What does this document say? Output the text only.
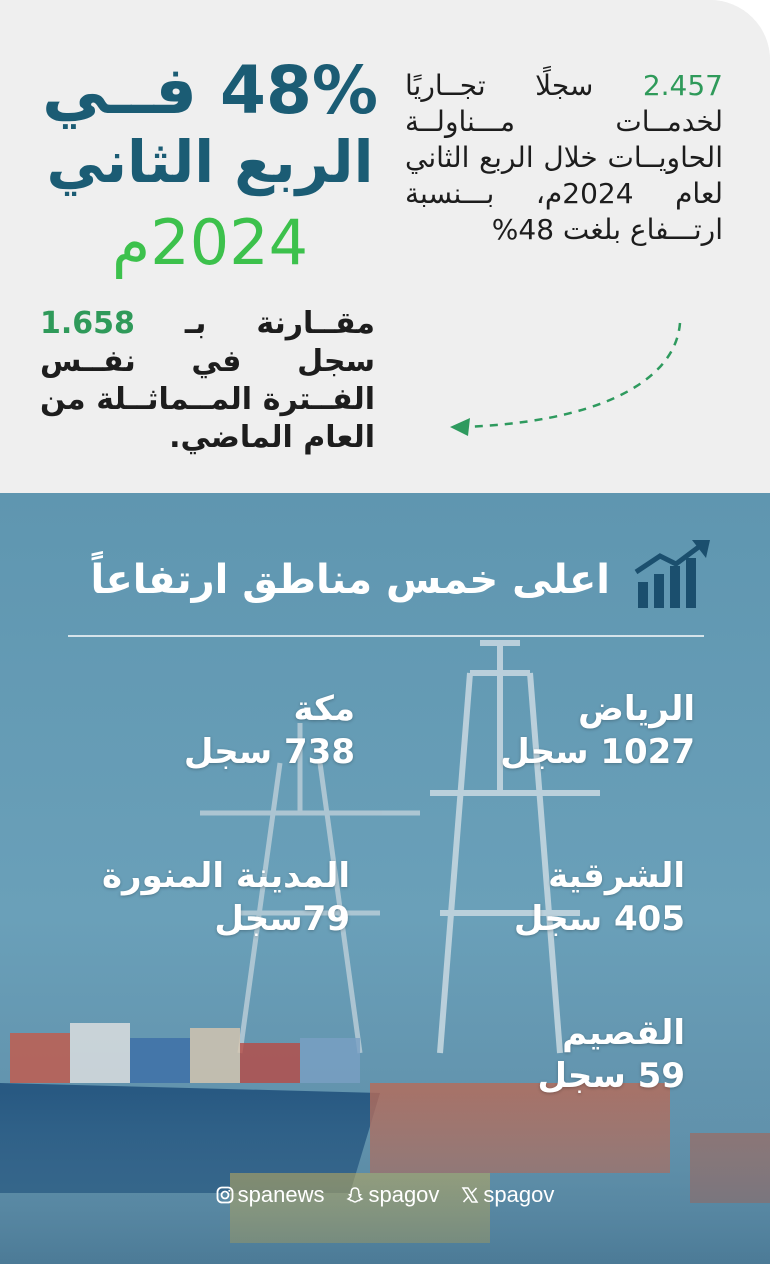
48% فــي
الربع الثاني
2024م
2.457 سجلًا تجــاريًا لخدمــات مـــناولــة الحاويــات خلال الربع الثاني لعام 2024م، بـــنسبة ارتـــفاع بلغت 48%
مقــارنة بـ 1.658 سجل في نفــس الفــترة المــماثــلة من العام الماضي.
اعلى خمس مناطق ارتفاعاً
الرياض
1027 سجل
مكة
738 سجل
الشرقية
405 سجل
المدينة المنورة
79سجل
القصيم
59 سجل
spanews spagov spagov
